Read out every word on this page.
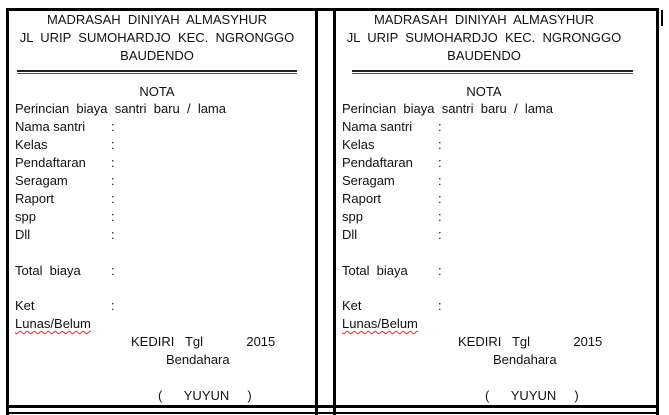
MADRASAH  DINIYAH  ALMASYHUR
JL  URIP  SUMOHARDJO  KEC.  NGRONGGO
BAUDENDO
NOTA
Perincian  biaya  santri  baru  /  lama
Nama santri :
Kelas	:
Pendaftaran :
Seragam	:
Raport	:
spp	:
Dll	:
Total  biaya :
Ket	:
Lunas/Belum
KEDIRI   Tgl            2015
Bendahara
(      YUYUN     )
MADRASAH  DINIYAH  ALMASYHUR
JL  URIP  SUMOHARDJO  KEC.  NGRONGGO
BAUDENDO
NOTA
Perincian  biaya  santri  baru  /  lama
Nama santri :
Kelas	:
Pendaftaran :
Seragam	:
Raport	:
spp	:
Dll	:
Total  biaya :
Ket	:
Lunas/Belum
KEDIRI   Tgl            2015
Bendahara
(      YUYUN     )
